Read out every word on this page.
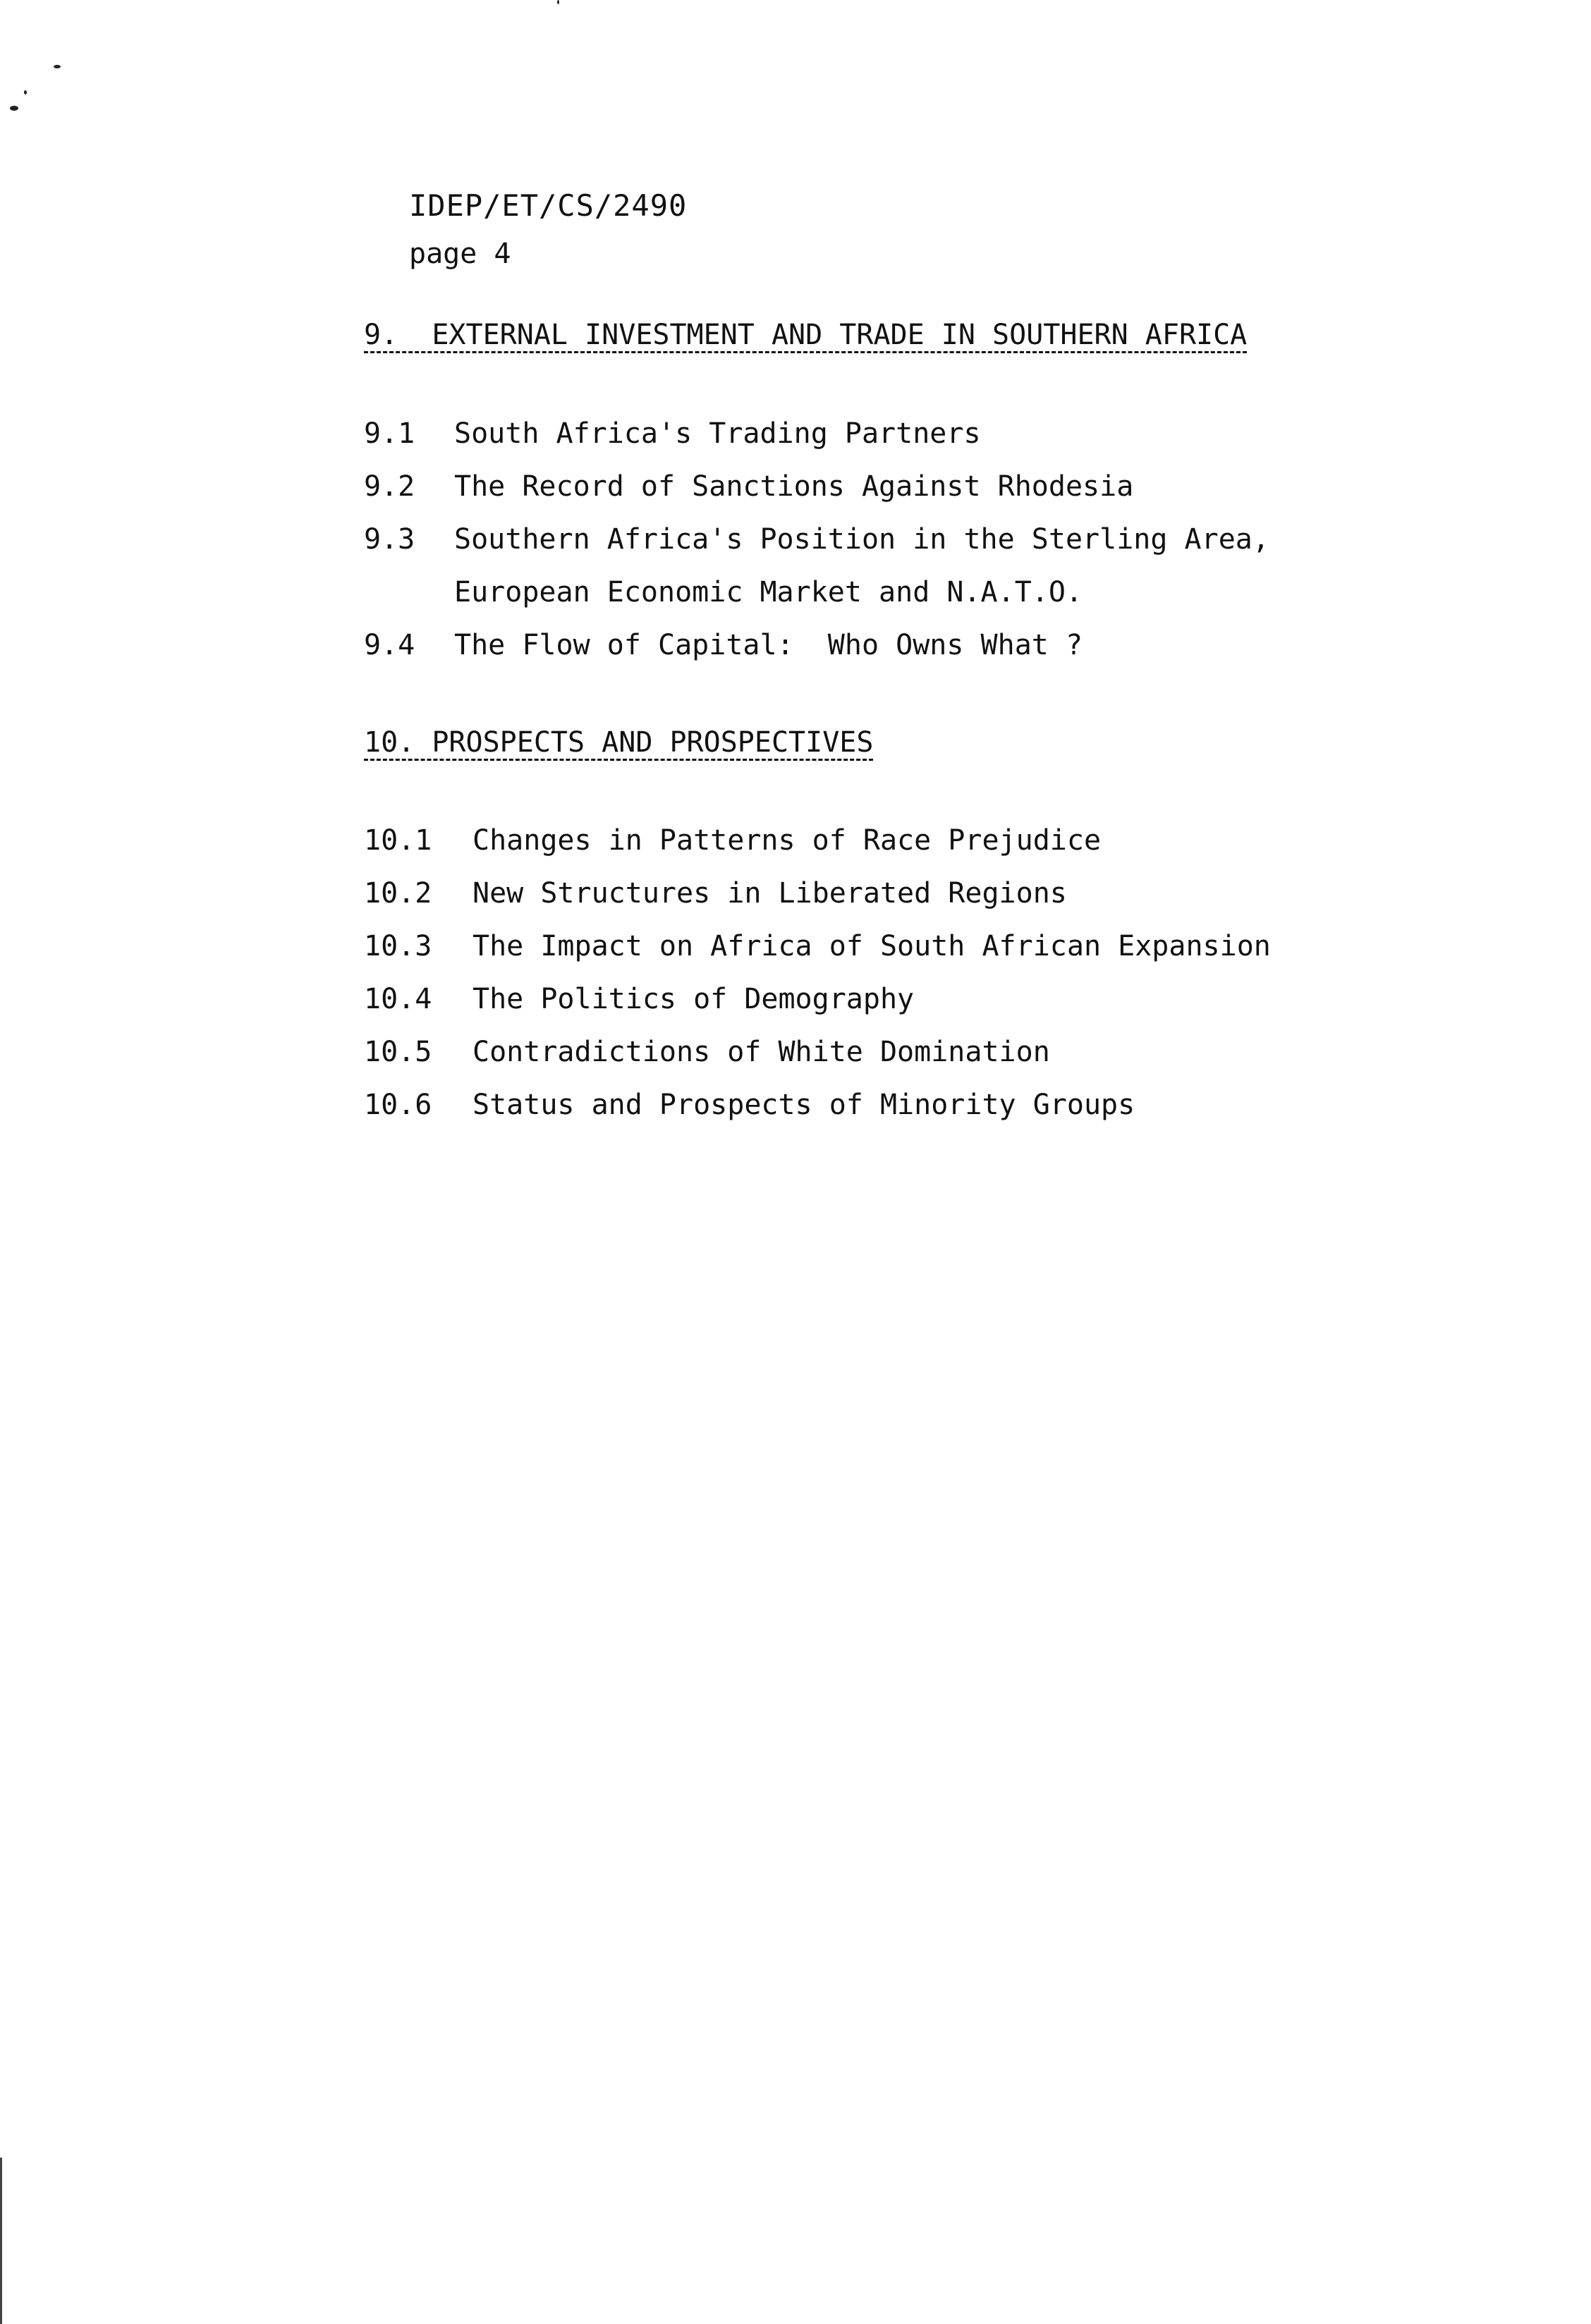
IDEP/ET/CS/2490
page 4
9.  EXTERNAL INVESTMENT AND TRADE IN SOUTHERN AFRICA
9.1	South Africa's Trading Partners
9.2	The Record of Sanctions Against Rhodesia
9.3	Southern Africa's Position in the Sterling Area,
European Economic Market and N.A.T.O.
9.4	The Flow of Capital:  Who Owns What ?
10. PROSPECTS AND PROSPECTIVES
10.1	Changes in Patterns of Race Prejudice
10.2	New Structures in Liberated Regions
10.3	The Impact on Africa of South African Expansion
10.4	The Politics of Demography
10.5	Contradictions of White Domination
10.6	Status and Prospects of Minority Groups
